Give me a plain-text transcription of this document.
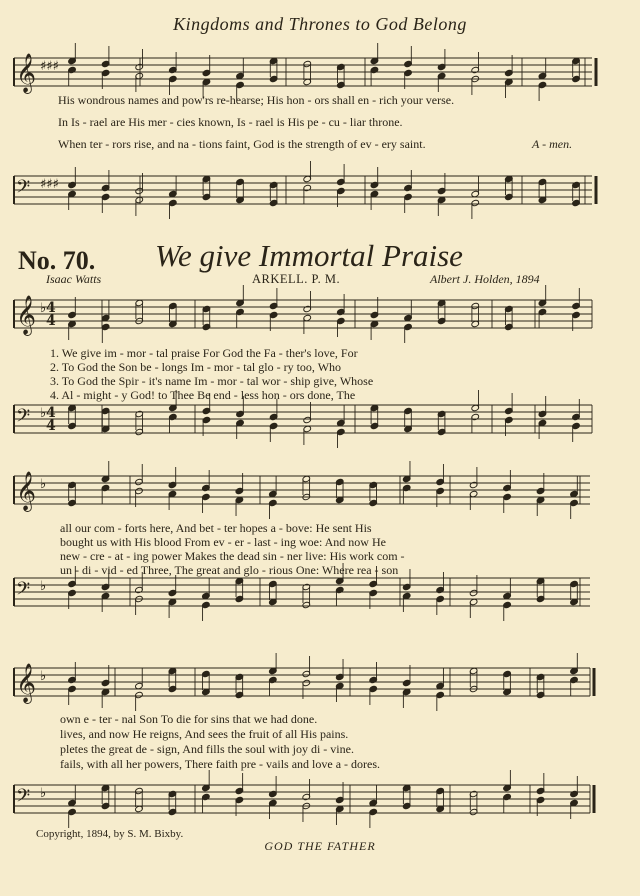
Kingdoms and Thrones to God Belong
𝄞 ♯♯♯
𝄢 ♯♯♯
𝄞 ♭
𝄢 ♭
𝄞 ♭
𝄢 ♭
𝄞 ♭
𝄢 ♭
4
4
4
4
His wondrous names and pow'rs re-hearse; His hon - ors shall en - rich your verse.
In Is - rael are His mer - cies known, Is - rael is His pe - cu - liar throne.
When ter - rors rise, and na - tions faint, God is the strength of ev - ery saint.	A - men.
No. 70. We give Immortal Praise
Isaac Watts	ARKELL. P. M.	Albert J. Holden, 1894
1. We give im - mor - tal praise For God the Fa - ther's love, For
2. To God the Son be - longs Im - mor - tal glo - ry too, Who
3. To God the Spir - it's name Im - mor - tal wor - ship give, Whose
4. Al - might - y God! to Thee Be end - less hon - ors done, The
all our com - forts here, And bet - ter hopes a - bove: He sent His
bought us with His blood From ev - er - last - ing woe: And now He
new - cre - at - ing power Makes the dead sin - ner live: His work com -
un - di - vid - ed Three, The great and glo - rious One: Where rea - son
own e - ter - nal Son To die for sins that we had done.
lives, and now He reigns, And sees the fruit of all His pains.
pletes the great de - sign, And fills the soul with joy di - vine.
fails, with all her powers, There faith pre - vails and love a - dores.
Copyright, 1894, by S. M. Bixby.
GOD THE FATHER
